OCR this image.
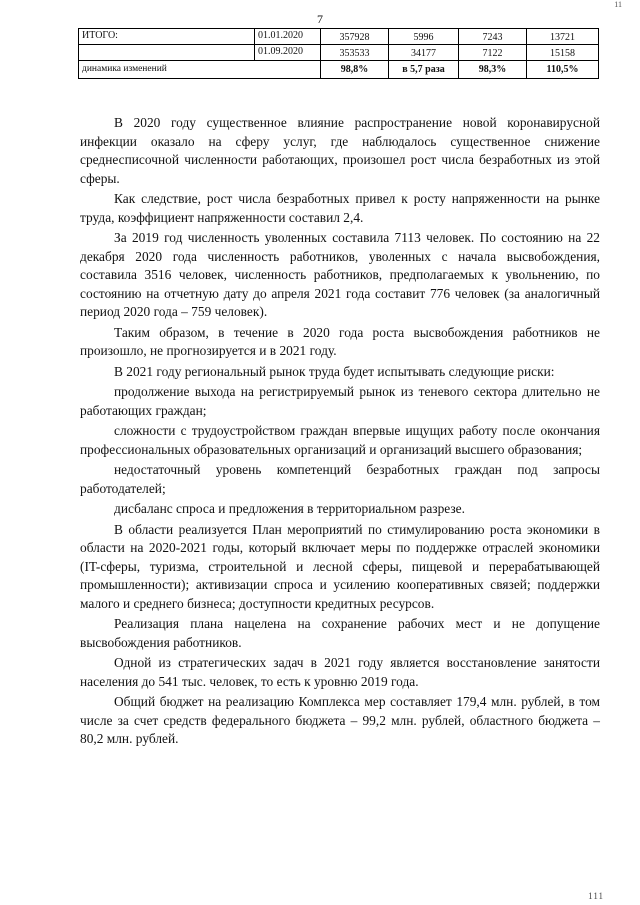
11
7
ИТОГО:	01.01.2020	357928	5996	7243	13721
	01.09.2020	353533	34177	7122	15158
динамика изменений		98,8%	в 5,7 раза	98,3%	110,5%

В 2020 году существенное влияние распространение новой коронавирусной инфекции оказало на сферу услуг, где наблюдалось существенное снижение среднесписочной численности работающих, произошел рост числа безработных из этой сферы.

Как следствие, рост числа безработных привел к росту напряженности на рынке труда, коэффициент напряженности составил 2,4.

За 2019 год численность уволенных составила 7113 человек. По состоянию на 22 декабря 2020 года численность работников, уволенных с начала высвобождения, составила 3516 человек, численность работников, предполагаемых к увольнению, по состоянию на отчетную дату до апреля 2021 года составит 776 человек (за аналогичный период 2020 года – 759 человек).

Таким образом, в течение в 2020 года роста высвобождения работников не произошло, не прогнозируется и в 2021 году.

В 2021 году региональный рынок труда будет испытывать следующие риски:

продолжение выхода на регистрируемый рынок из теневого сектора длительно не работающих граждан;

сложности с трудоустройством граждан впервые ищущих работу после окончания профессиональных образовательных организаций и организаций высшего образования;

недостаточный уровень компетенций безработных граждан под запросы работодателей;

дисбаланс спроса и предложения в территориальном разрезе.

В области реализуется План мероприятий по стимулированию роста экономики в области на 2020-2021 годы, который включает меры по поддержке отраслей экономики (IT-сферы, туризма, строительной и лесной сферы, пищевой и перерабатывающей промышленности); активизации спроса и усилению кооперативных связей; поддержки малого и среднего бизнеса; доступности кредитных ресурсов.

Реализация плана нацелена на сохранение рабочих мест и не допущение высвобождения работников.

Одной из стратегических задач в 2021 году является восстановление занятости населения до 541 тыс. человек, то есть к уровню 2019 года.

Общий бюджет на реализацию Комплекса мер составляет 179,4 млн. рублей, в том числе за счет средств федерального бюджета – 99,2 млн. рублей, областного бюджета – 80,2 млн. рублей.

111
